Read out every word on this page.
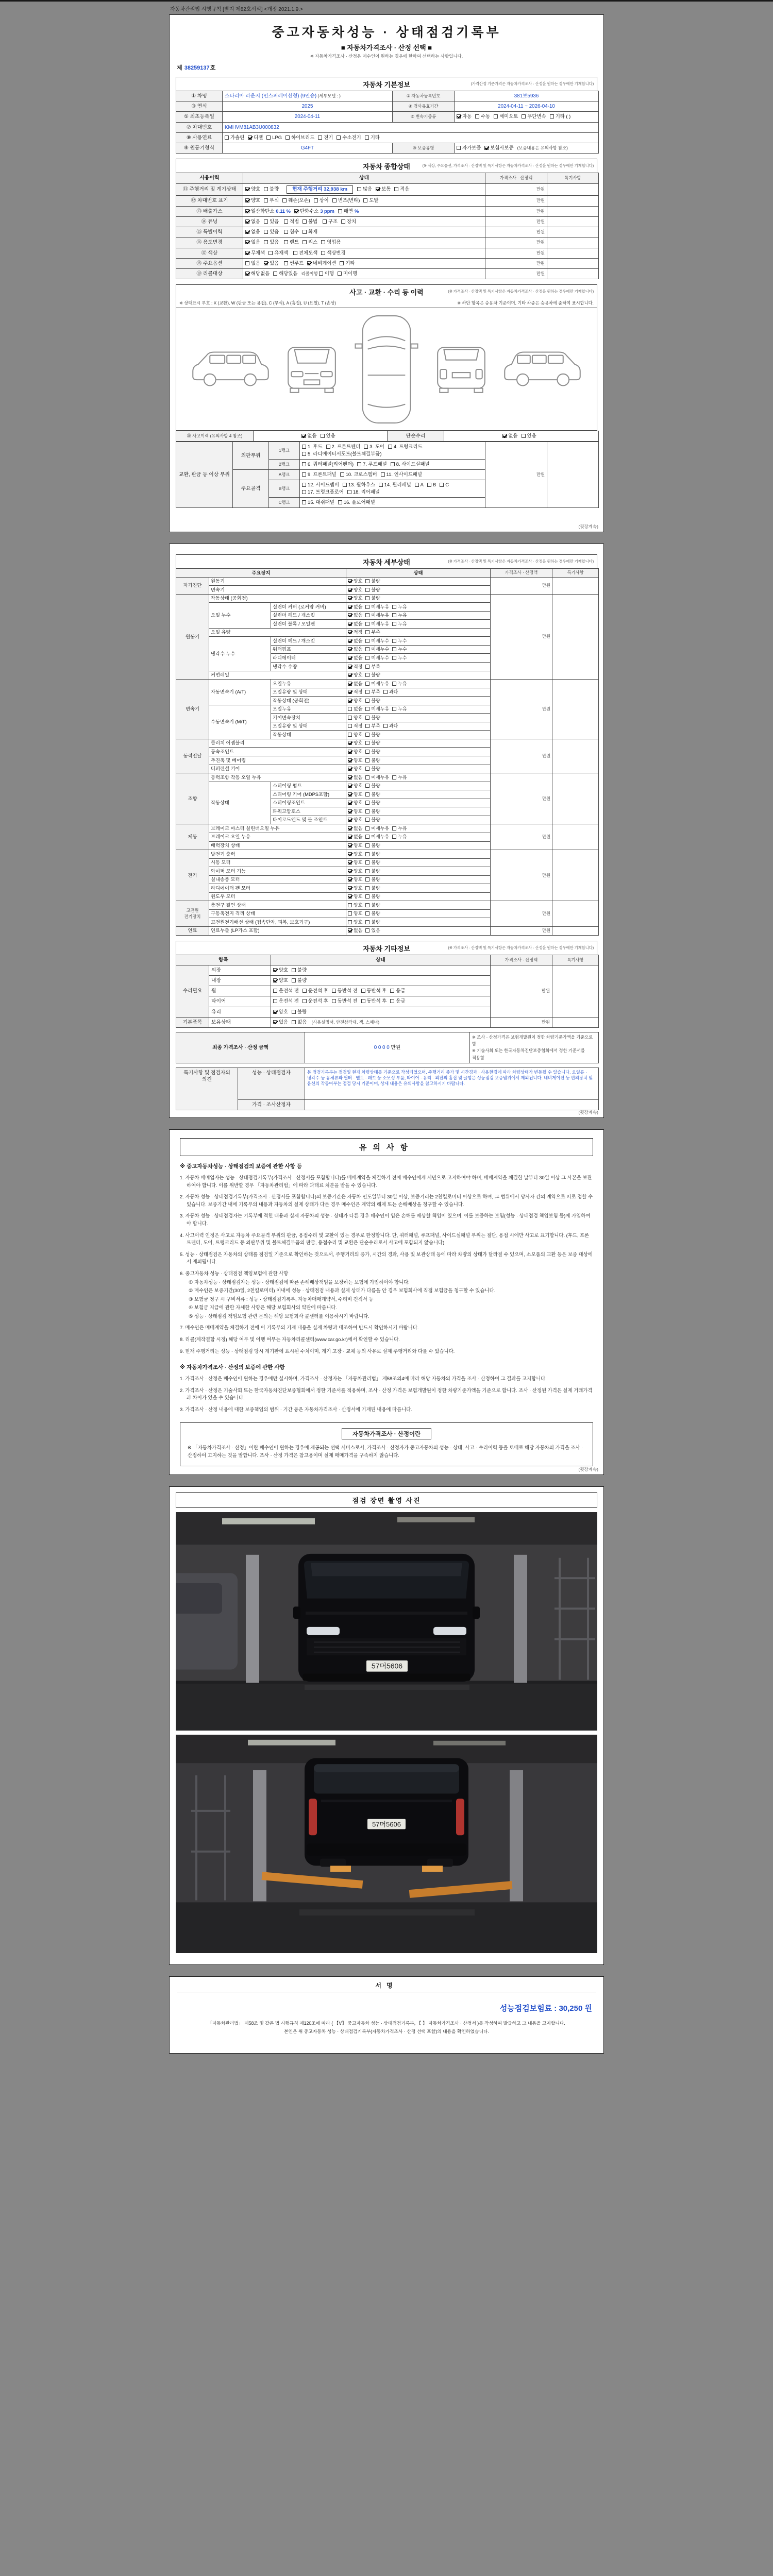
자동차관리법 시행규칙 [별지 제82호서식] <개정 2021.1.9.>
중고자동차성능 · 상태점검기록부
■ 자동차가격조사 · 산정 선택 ■
※ 자동차가격조사 · 산정은 매수인이 원하는 경우에 한하여 선택하는 사항입니다.
제 38259137호
자동차 기본정보	(가격산정 기준가격은 자동차가격조사 · 산정을 원하는 경우에만 기재합니다)
① 차명	스타리아 라운지 (인스퍼레이션형) (9인승) (세부모델 : )	② 자동차등록번호	381보5936
③ 연식	2025	④ 검사유효기간	2024-04-11 ~ 2026-04-10
⑤ 최초등록일	2024-04-11	⑥ 변속기종류	자동 수동 세미오토 무단변속 기타 ( )
⑦ 차대번호	KMHVM81AB3U000832		
⑧ 사용연료	가솔린 디젤 LPG 하이브리드 전기 수소전기 기타		
⑨ 원동기형식	G4FT	⑩ 보증유형	자가보증 보험사보증 (보증내용은 유의사항 참조)
자동차 종합상태	(※ 색상, 주요옵션, 가격조사 · 산정액 및 특기사항은 자동차가격조사 · 산정을 원하는 경우에만 기재합니다)
사용이력	상태	가격조사 · 산정액	특기사항
⑪ 주행거리 및 계기상태	양호 불량 현재 주행거리 32,938 km 많음 보통 적음	만원	
⑫ 차대번호 표기	양호 부식 훼손(오손) 상이 변조(변타) 도말	만원	
⑬ 배출가스	일산화탄소 0.11 % 탄화수소 3 ppm 매연 %	만원	
⑭ 튜닝	없음 있음 적법 불법 구조 장치	만원	
⑮ 특별이력	없음 있음 침수 화재	만원	
⑯ 용도변경	없음 있음 렌트 리스 영업용	만원	
⑰ 색상	무채색 유채색 전체도색 색상변경	만원	
⑱ 주요옵션	없음 있음 썬루프 네비게이션 기타	만원	
⑲ 리콜대상	해당없음 해당있음 리콜이행 이행 미이행	만원	
사고 · 교환 · 수리 등 이력	(※ 가격조사 · 산정액 및 특기사항은 자동차가격조사 · 산정을 원하는 경우에만 기재합니다)
※ 상태표시 부호 : X (교환), W (판금 또는 용접), C (부식), A (흠집), U (요철), T (손상)	※ 하단 항목은 승용차 기준이며, 기타 차종은 승용차에 준하여 표시합니다.
⑳ 사고이력 (유의사항 4 참조)	없음 있음	단순수리	없음 있음
교환, 판금 등 이상 부위	외판부위	1랭크	1. 후드 2. 프론트펜더 3. 도어 4. 트렁크리드5. 라디에이터서포트(볼트체결부품)	만원	
		2랭크	6. 쿼터패널(리어펜더) 7. 루프패널 8. 사이드실패널		
	주요골격	A랭크	9. 프론트패널 10. 크로스멤버 11. 인사이드패널		
		B랭크	12. 사이드멤버 13. 휠하우스 14. 필러패널 A B C17. 트렁크플로어 18. 리어패널		
		C랭크	15. 대쉬패널 16. 플로어패널		
(뒷장계속)
자동차 세부상태	(※ 가격조사 · 산정액 및 특기사항은 자동차가격조사 · 산정을 원하는 경우에만 기재합니다)
주요장치			상태	가격조사 · 산정액	특기사항
자기진단	원동기		양호 불량	만원	
	변속기		양호 불량		
원동기	작동상태 (공회전)		양호 불량	만원	
	오일 누수	실린더 커버 (로커암 커버)	없음 미세누유 누유		
		실린더 헤드 / 개스킷	없음 미세누유 누유		
		실린더 블록 / 오일팬	없음 미세누유 누유		
	오일 유량		적정 부족		
	냉각수 누수	실린더 헤드 / 개스킷	없음 미세누수 누수		
		워터펌프	없음 미세누수 누수		
		라디에이터	없음 미세누수 누수		
		냉각수 수량	적정 부족		
	커먼레일		양호 불량		
변속기	자동변속기 (A/T)	오일누유	없음 미세누유 누유	만원	
		오일유량 및 상태	적정 부족 과다		
		작동상태 (공회전)	양호 불량		
	수동변속기 (M/T)	오일누유	없음 미세누유 누유		
		기어변속장치	양호 불량		
		오일유량 및 상태	적정 부족 과다		
		작동상태	양호 불량		
동력전달	클러치 어셈블리		양호 불량	만원	
	등속조인트		양호 불량		
	추진축 및 베어링		양호 불량		
	디퍼렌셜 기어		양호 불량		
조향	동력조향 작동 오일 누유		없음 미세누유 누유	만원	
	작동상태	스티어링 펌프	양호 불량		
		스티어링 기어 (MDPS포함)	양호 불량		
		스티어링조인트	양호 불량		
		파워고압호스	양호 불량		
		타이로드엔드 및 볼 조인트	양호 불량		
제동	브레이크 마스터 실린더오일 누유		없음 미세누유 누유	만원	
	브레이크 오일 누유		없음 미세누유 누유		
	배력장치 상태		양호 불량		
전기	발전기 출력		양호 불량	만원	
	시동 모터		양호 불량		
	와이퍼 모터 기능		양호 불량		
	실내송풍 모터		양호 불량		
	라디에이터 팬 모터		양호 불량		
	윈도우 모터		양호 불량		
고전원 전기장치	충전구 절연 상태		양호 불량	만원	
	구동축전지 격리 상태		양호 불량		
	고전원전기배선 상태 (접속단자, 피복, 보호기구)		양호 불량		
연료	연료누출 (LP가스 포함)		없음 있음	만원	
자동차 기타정보	(※ 가격조사 · 산정액 및 특기사항은 자동차가격조사 · 산정을 원하는 경우에만 기재합니다)
항목		상태	가격조사 · 산정액	특기사항
수리필요	외장	양호 불량	만원	
	내장	양호 불량		
	휠	운전석 전 운전석 후 동반석 전 동반석 후 응급		
	타이어	운전석 전 운전석 후 동반석 전 동반석 후 응급		
	유리	양호 불량		
기본품목	보유상태	있음 없음 (사용설명서, 안전삼각대, 잭, 스패너)	만원	
최종 가격조사 · 산정 금액	0 0 0 0 만원	※ 조사 · 산정가격은 보험개발원이 정한 차량기준가액을 기준으로 함
※ 기술사회 또는 한국자동차진단보증협회에서 정한 기준서를 적용함
특기사항 및 점검자의 의견	성능 · 상태점검자	본 점검기록부는 점검일 현재 차량상태를 기준으로 작성되었으며, 주행거리 증가 및 시간경과 · 사용환경에 따라 차량상태가 변동될 수 있습니다. 오일류 · 냉각수 등 유체류와 필터 · 벨트 · 패드 등 소모성 부품, 타이어 · 유리 · 외판의 흠집 및 긁힘은 성능점검 보증범위에서 제외됩니다. 네비게이션 등 편의장치 및 옵션의 작동여부는 점검 당시 기준이며, 상세 내용은 유의사항을 참고하시기 바랍니다.
	가격 · 조사산정자	
(뒷장계속)
유의사항
※ 중고자동차성능 · 상태점검의 보증에 관한 사항 등
1. 자동차 매매업자는 성능 · 상태점검기록부(가격조사 · 산정서를 포함합니다)를 매매계약을 체결하기 전에 매수인에게 서면으로 고지하여야 하며, 매매계약을 체결한 날부터 30일 이상 그 사본을 보관하여야 합니다. 이를 위반할 경우 「자동차관리법」에 따라 과태료 처분을 받을 수 있습니다.
2. 자동차 성능 · 상태점검기록부(가격조사 · 산정서를 포함합니다)의 보증기간은 자동차 인도일부터 30일 이상, 보증거리는 2천킬로미터 이상으로 하며, 그 범위에서 당사자 간의 계약으로 따로 정할 수 있습니다. 보증기간 내에 기록부의 내용과 자동차의 실제 상태가 다른 경우 매수인은 계약의 해제 또는 손해배상을 청구할 수 있습니다.
3. 자동차 성능 · 상태점검자는 기록부에 적힌 내용과 실제 자동차의 성능 · 상태가 다른 경우 매수인이 입은 손해를 배상할 책임이 있으며, 이를 보증하는 보험(성능 · 상태점검 책임보험 등)에 가입하여야 합니다.
4. 사고이력 인정은 사고로 자동차 주요골격 부위의 판금, 용접수리 및 교환이 있는 경우로 한정합니다. 단, 쿼터패널, 루프패널, 사이드실패널 부위는 절단, 용접 시에만 사고로 표기합니다. (후드, 프론트펜더, 도어, 트렁크리드 등 외판부위 및 볼트체결부품의 판금, 용접수리 및 교환은 단순수리로서 사고에 포함되지 않습니다)
5. 성능 · 상태점검은 자동차의 상태를 점검일 기준으로 확인하는 것으로서, 주행거리의 증가, 시간의 경과, 사용 및 보관상태 등에 따라 차량의 상태가 달라질 수 있으며, 소모품의 교환 등은 보증 대상에서 제외됩니다.
6. 중고자동차 성능 · 상태점검 책임보험에 관한 사항
① 자동차성능 · 상태점검자는 성능 · 상태점검에 따른 손해배상책임을 보장하는 보험에 가입하여야 합니다.
② 매수인은 보증기간(30일, 2천킬로미터) 이내에 성능 · 상태점검 내용과 실제 상태가 다름을 안 경우 보험회사에 직접 보험금을 청구할 수 있습니다.
③ 보험금 청구 시 구비서류 : 성능 · 상태점검기록부, 자동차매매계약서, 수리비 견적서 등
④ 보험금 지급에 관한 자세한 사항은 해당 보험회사의 약관에 따릅니다.
⑤ 성능 · 상태점검 책임보험 관련 문의는 해당 보험회사 콜센터를 이용하시기 바랍니다.
7. 매수인은 매매계약을 체결하기 전에 이 기록부의 기재 내용을 실제 차량과 대조하여 반드시 확인하시기 바랍니다.
8. 리콜(제작결함 시정) 해당 여부 및 이행 여부는 자동차리콜센터(www.car.go.kr)에서 확인할 수 있습니다.
9. 현재 주행거리는 성능 · 상태점검 당시 계기판에 표시된 수치이며, 계기 고장 · 교체 등의 사유로 실제 주행거리와 다를 수 있습니다.
※ 자동차가격조사 · 산정의 보증에 관한 사항
1. 가격조사 · 산정은 매수인이 원하는 경우에만 실시하며, 가격조사 · 산정자는 「자동차관리법」 제58조의4에 따라 해당 자동차의 가격을 조사 · 산정하여 그 결과를 고지합니다.
2. 가격조사 · 산정은 기술사회 또는 한국자동차진단보증협회에서 정한 기준서를 적용하며, 조사 · 산정 가격은 보험개발원이 정한 차량기준가액을 기준으로 합니다. 조사 · 산정된 가격은 실제 거래가격과 차이가 있을 수 있습니다.
3. 가격조사 · 산정 내용에 대한 보증책임의 범위 · 기간 등은 자동차가격조사 · 산정서에 기재된 내용에 따릅니다.
자동차가격조사 · 산정이란
※ 「자동차가격조사 · 산정」이란 매수인이 원하는 경우에 제공되는 선택 서비스로서, 가격조사 · 산정자가 중고자동차의 성능 · 상태, 사고 · 수리이력 등을 토대로 해당 자동차의 가격을 조사 · 산정하여 고지하는 것을 말합니다. 조사 · 산정 가격은 참고용이며 실제 매매가격을 구속하지 않습니다.
(뒷장계속)
점검 장면 촬영 사진
57머5606
57머5606
서명
성능점검보험료 : 30,250 원
「자동차관리법」 제58조 및 같은 법 시행규칙 제120조에 따라 ( 【V】 중고자동차 성능 · 상태점검기록부, 【 】 자동차가격조사 · 산정서 )를 작성하여 발급하고 그 내용을 고지합니다.
본인은 위 중고자동차 성능 · 상태점검기록부(자동차가격조사 · 산정 선택 포함)의 내용을 확인하였습니다.
